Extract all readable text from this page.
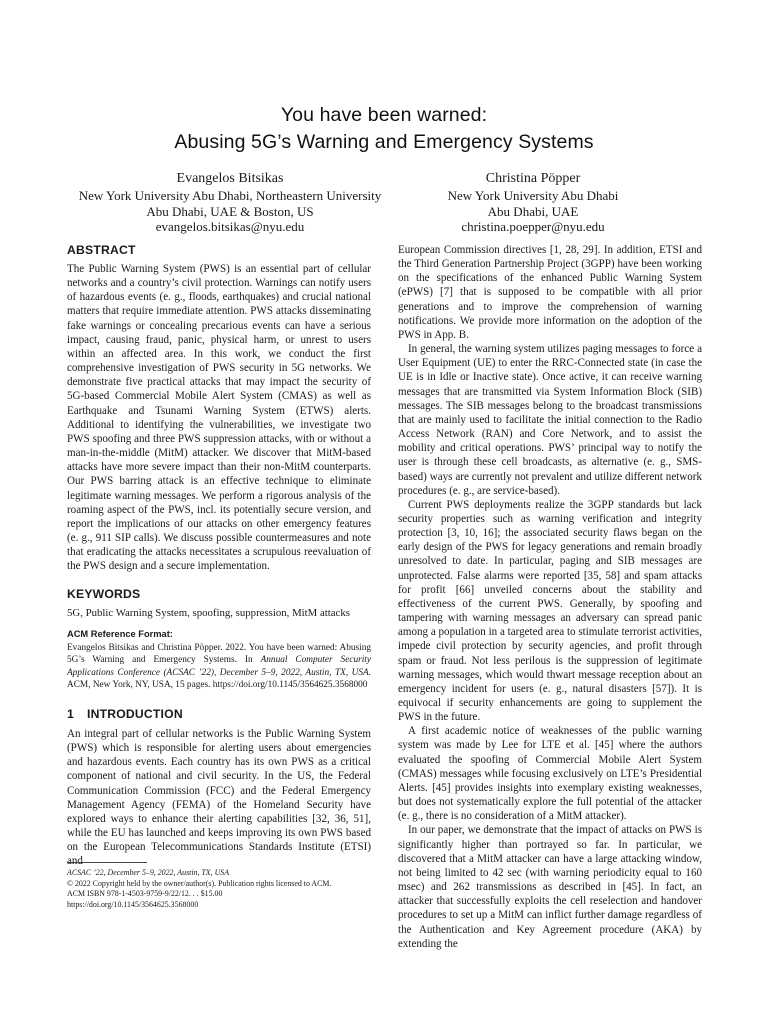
You have been warned:
Abusing 5G’s Warning and Emergency Systems
Evangelos Bitsikas
New York University Abu Dhabi, Northeastern University
Abu Dhabi, UAE & Boston, US
evangelos.bitsikas@nyu.edu
Christina Pöpper
New York University Abu Dhabi
Abu Dhabi, UAE
christina.poepper@nyu.edu
ABSTRACT

The Public Warning System (PWS) is an essential part of cellular networks and a country’s civil protection. Warnings can notify users of hazardous events (e. g., floods, earthquakes) and crucial national matters that require immediate attention. PWS attacks disseminating fake warnings or concealing precarious events can have a serious impact, causing fraud, panic, physical harm, or unrest to users within an affected area. In this work, we conduct the first comprehensive investigation of PWS security in 5G networks. We demonstrate five practical attacks that may impact the security of 5G-based Commercial Mobile Alert System (CMAS) as well as Earthquake and Tsunami Warning System (ETWS) alerts. Additional to identifying the vulnerabilities, we investigate two PWS spoofing and three PWS suppression attacks, with or without a man-in-the-middle (MitM) attacker. We discover that MitM-based attacks have more severe impact than their non-MitM counterparts. Our PWS barring attack is an effective technique to eliminate legitimate warning messages. We perform a rigorous analysis of the roaming aspect of the PWS, incl. its potentially secure version, and report the implications of our attacks on other emergency features (e. g., 911 SIP calls). We discuss possible countermeasures and note that eradicating the attacks necessitates a scrupulous reevaluation of the PWS design and a secure implementation.

KEYWORDS

5G, Public Warning System, spoofing, suppression, MitM attacks

ACM Reference Format:

Evangelos Bitsikas and Christina Pöpper. 2022. You have been warned: Abusing 5G’s Warning and Emergency Systems. In Annual Computer Security Applications Conference (ACSAC ’22), December 5–9, 2022, Austin, TX, USA. ACM, New York, NY, USA, 15 pages. https://doi.org/10.1145/3564625.3568000

1 INTRODUCTION

An integral part of cellular networks is the Public Warning System (PWS) which is responsible for alerting users about emergencies and hazardous events. Each country has its own PWS as a critical component of national and civil security. In the US, the Federal Communication Commission (FCC) and the Federal Emergency Management Agency (FEMA) of the Homeland Security have explored ways to enhance their alerting capabilities [32, 36, 51], while the EU has launched and keeps improving its own PWS based on the European Telecommunications Standards Institute (ETSI) and

ACSAC ’22, December 5–9, 2022, Austin, TX, USA
© 2022 Copyright held by the owner/author(s). Publication rights licensed to ACM.
ACM ISBN 978-1-4503-9759-9/22/12. . . $15.00
https://doi.org/10.1145/3564625.3568000

European Commission directives [1, 28, 29]. In addition, ETSI and the Third Generation Partnership Project (3GPP) have been working on the specifications of the enhanced Public Warning System (ePWS) [7] that is supposed to be compatible with all prior generations and to improve the comprehension of warning notifications. We provide more information on the adoption of the PWS in App. B.

In general, the warning system utilizes paging messages to force a User Equipment (UE) to enter the RRC-Connected state (in case the UE is in Idle or Inactive state). Once active, it can receive warning messages that are transmitted via System Information Block (SIB) messages. The SIB messages belong to the broadcast transmissions that are mainly used to facilitate the initial connection to the Radio Access Network (RAN) and Core Network, and to assist the mobility and critical operations. PWS’ principal way to notify the user is through these cell broadcasts, as alternative (e. g., SMS-based) ways are currently not prevalent and utilize different network procedures (e. g., are service-based).

Current PWS deployments realize the 3GPP standards but lack security properties such as warning verification and integrity protection [3, 10, 16]; the associated security flaws began on the early design of the PWS for legacy generations and remain broadly unresolved to date. In particular, paging and SIB messages are unprotected. False alarms were reported [35, 58] and spam attacks for profit [66] unveiled concerns about the stability and effectiveness of the current PWS. Generally, by spoofing and tampering with warning messages an adversary can spread panic among a population in a targeted area to stimulate terrorist activities, impede civil protection by security agencies, and profit through spam or fraud. Not less perilous is the suppression of legitimate warning messages, which would thwart message reception about an emergency incident for users (e. g., natural disasters [57]). It is equivocal if security enhancements are going to supplement the PWS in the future.

A first academic notice of weaknesses of the public warning system was made by Lee for LTE et al. [45] where the authors evaluated the spoofing of Commercial Mobile Alert System (CMAS) messages while focusing exclusively on LTE’s Presidential Alerts. [45] provides insights into exemplary existing weaknesses, but does not systematically explore the full potential of the attacker (e. g., there is no consideration of a MitM attacker).

In our paper, we demonstrate that the impact of attacks on PWS is significantly higher than portrayed so far. In particular, we discovered that a MitM attacker can have a large attacking window, not being limited to 42 sec (with warning periodicity equal to 160 msec) and 262 transmissions as described in [45]. In fact, an attacker that successfully exploits the cell reselection and handover procedures to set up a MitM can inflict further damage regardless of the Authentication and Key Agreement procedure (AKA) by extending the
